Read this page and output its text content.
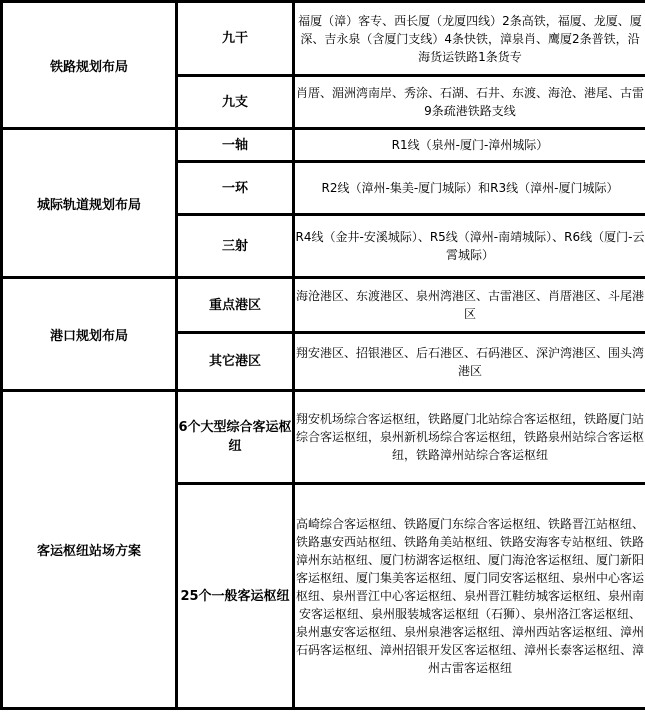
铁路规划布局	九干	福厦（漳）客专、西长厦（龙厦四线）2条高铁，福厦、龙厦、厦深、吉永泉（含厦门支线）4条快铁，漳泉肖、鹰厦2条普铁，沿海货运铁路1条货专
	九支	肖厝、湄洲湾南岸、秀涂、石湖、石井、东渡、海沧、港尾、古雷9条疏港铁路支线
城际轨道规划布局	一轴	R1线（泉州-厦门-漳州城际）
	一环	R2线（漳州-集美-厦门城际）和R3线（漳州-厦门城际）
	三射	R4线（金井-安溪城际）、R5线（漳州-南靖城际）、R6线（厦门-云霄城际）
港口规划布局	重点港区	海沧港区、东渡港区、泉州湾港区、古雷港区、肖厝港区、斗尾港区
	其它港区	翔安港区、招银港区、后石港区、石码港区、深沪湾港区、围头湾港区
客运枢纽站场方案	6个大型综合客运枢纽	翔安机场综合客运枢纽，铁路厦门北站综合客运枢纽，铁路厦门站综合客运枢纽，泉州新机场综合客运枢纽，铁路泉州站综合客运枢纽，铁路漳州站综合客运枢纽
	25个一般客运枢纽	高崎综合客运枢纽、铁路厦门东综合客运枢纽、铁路晋江站枢纽、铁路惠安西站枢纽、铁路角美站枢纽、铁路安海客专站枢纽、铁路漳州东站枢纽、厦门枋湖客运枢纽、厦门海沧客运枢纽、厦门新阳客运枢纽、厦门集美客运枢纽、厦门同安客运枢纽、泉州中心客运枢纽、泉州晋江中心客运枢纽、泉州晋江鞋纺城客运枢纽、泉州南安客运枢纽、泉州服装城客运枢纽（石狮）、泉州洛江客运枢纽、泉州惠安客运枢纽、泉州泉港客运枢纽、漳州西站客运枢纽、漳州石码客运枢纽、漳州招银开发区客运枢纽、漳州长泰客运枢纽、漳州古雷客运枢纽
交通规划
